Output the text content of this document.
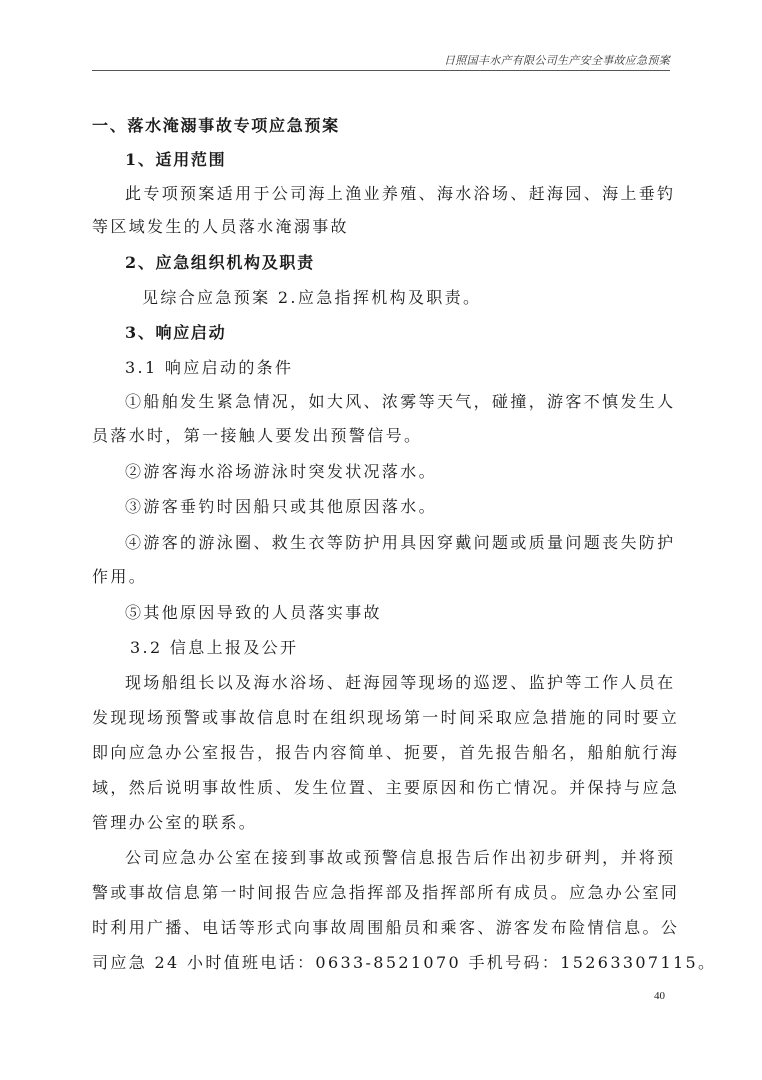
日照国丰水产有限公司生产安全事故应急预案
一、落水淹溺事故专项应急预案
1、适用范围
此专项预案适用于公司海上渔业养殖、海水浴场、赶海园、海上垂钓
等区域发生的人员落水淹溺事故
2、应急组织机构及职责
见综合应急预案 2.应急指挥机构及职责。
3、响应启动
3.1 响应启动的条件
①船舶发生紧急情况，如大风、浓雾等天气，碰撞，游客不慎发生人
员落水时，第一接触人要发出预警信号。
②游客海水浴场游泳时突发状况落水。
③游客垂钓时因船只或其他原因落水。
④游客的游泳圈、救生衣等防护用具因穿戴问题或质量问题丧失防护
作用。
⑤其他原因导致的人员落实事故
3.2 信息上报及公开
现场船组长以及海水浴场、赶海园等现场的巡逻、监护等工作人员在
发现现场预警或事故信息时在组织现场第一时间采取应急措施的同时要立
即向应急办公室报告，报告内容简单、扼要，首先报告船名，船舶航行海
域，然后说明事故性质、发生位置、主要原因和伤亡情况。并保持与应急
管理办公室的联系。
公司应急办公室在接到事故或预警信息报告后作出初步研判，并将预
警或事故信息第一时间报告应急指挥部及指挥部所有成员。应急办公室同
时利用广播、电话等形式向事故周围船员和乘客、游客发布险情信息。公
司应急 24 小时值班电话：0633-8521070 手机号码：15263307115。
40
